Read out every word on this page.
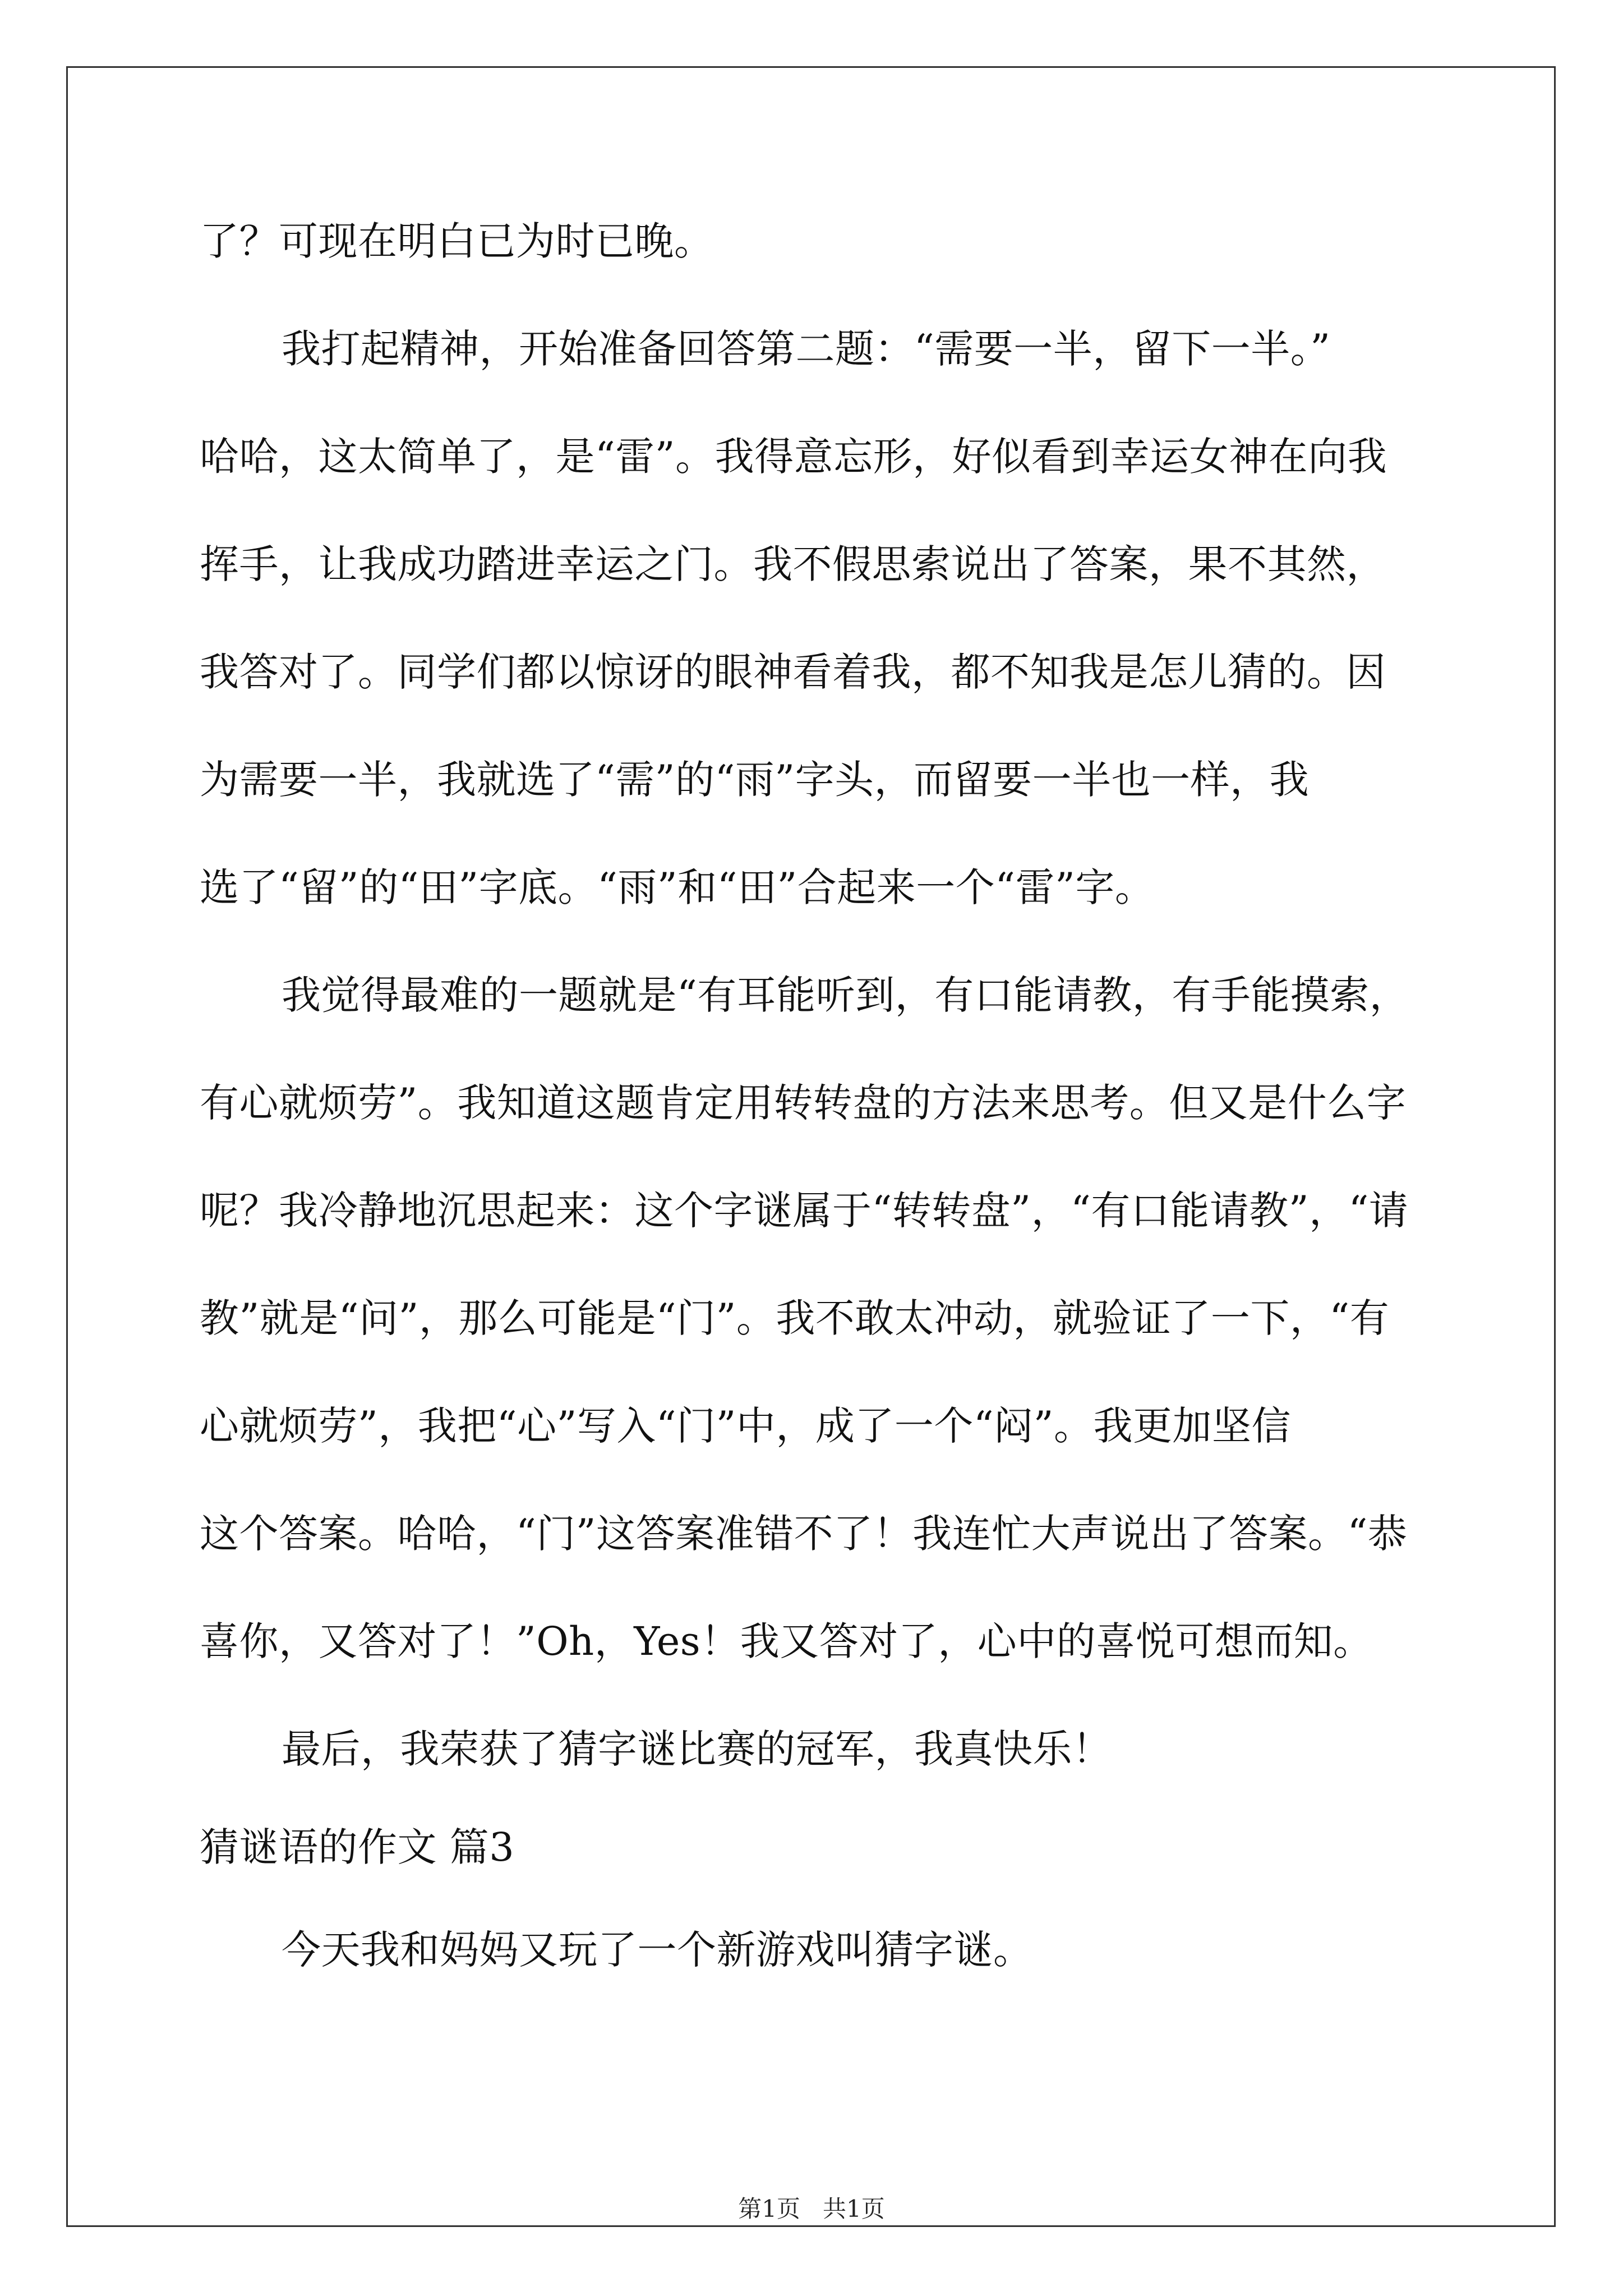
了？可现在明白已为时已晚。

我打起精神，开始准备回答第二题：“需要一半，留下一半。”

哈哈，这太简单了，是“雷”。我得意忘形，好似看到幸运女神在向我

挥手，让我成功踏进幸运之门。我不假思索说出了答案，果不其然，

我答对了。同学们都以惊讶的眼神看着我，都不知我是怎儿猜的。因

为需要一半，我就选了“需”的“雨”字头，而留要一半也一样，我

选了“留”的“田”字底。“雨”和“田”合起来一个“雷”字。

我觉得最难的一题就是“有耳能听到，有口能请教，有手能摸索，

有心就烦劳”。我知道这题肯定用转转盘的方法来思考。但又是什么字

呢？我冷静地沉思起来：这个字谜属于“转转盘”，“有口能请教”，“请

教”就是“问”，那么可能是“门”。我不敢太冲动，就验证了一下，“有

心就烦劳”，我把“心”写入“门”中，成了一个“闷”。我更加坚信

这个答案。哈哈，“门”这答案准错不了！我连忙大声说出了答案。“恭

喜你，又答对了！”Oh，Yes！我又答对了，心中的喜悦可想而知。

最后，我荣获了猜字谜比赛的冠军，我真快乐！

猜谜语的作文 篇3

今天我和妈妈又玩了一个新游戏叫猜字谜。

第1页   共1页
